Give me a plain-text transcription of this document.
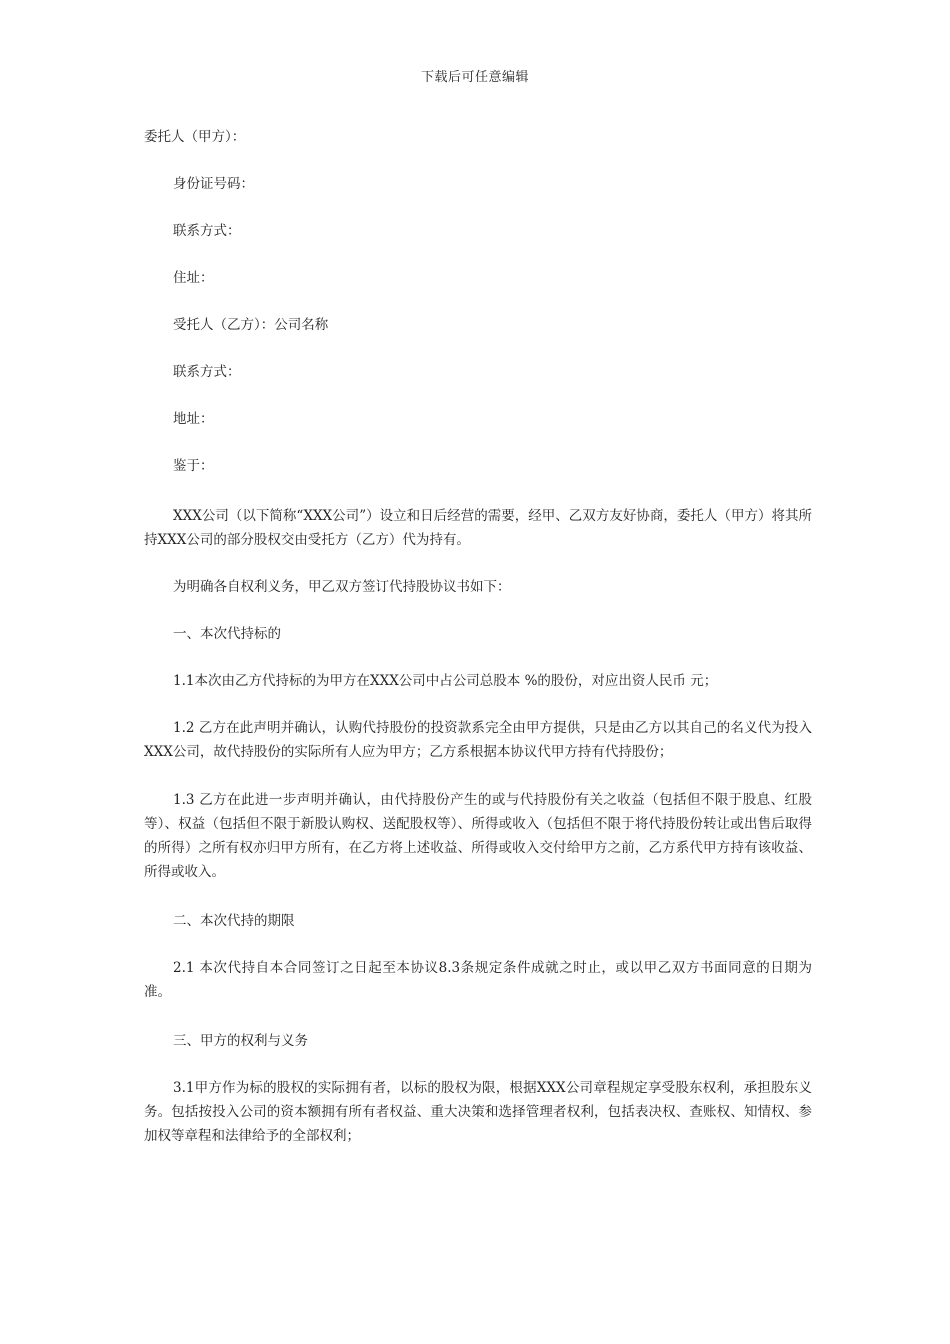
下载后可任意编辑
委托人（甲方）：
身份证号码：
联系方式：
住址：
受托人（乙方）：公司名称
联系方式：
地址：
鉴于：

XXX公司（以下简称“XXX公司”）设立和日后经营的需要，经甲、乙双方友好协商，委托人（甲方）将其所持XXX公司的部分股权交由受托方（乙方）代为持有。

为明确各自权利义务，甲乙双方签订代持股协议书如下：
一、本次代持标的
1.1本次由乙方代持标的为甲方在XXX公司中占公司总股本 %的股份，对应出资人民币 元；

1.2 乙方在此声明并确认，认购代持股份的投资款系完全由甲方提供，只是由乙方以其自己的名义代为投入XXX公司，故代持股份的实际所有人应为甲方；乙方系根据本协议代甲方持有代持股份；

1.3 乙方在此进一步声明并确认，由代持股份产生的或与代持股份有关之收益（包括但不限于股息、红股等）、权益（包括但不限于新股认购权、送配股权等）、所得或收入（包括但不限于将代持股份转让或出售后取得的所得）之所有权亦归甲方所有，在乙方将上述收益、所得或收入交付给甲方之前，乙方系代甲方持有该收益、所得或收入。

二、本次代持的期限

2.1 本次代持自本合同签订之日起至本协议8.3条规定条件成就之时止，或以甲乙双方书面同意的日期为准。

三、甲方的权利与义务

3.1甲方作为标的股权的实际拥有者，以标的股权为限，根据XXX公司章程规定享受股东权利，承担股东义务。包括按投入公司的资本额拥有所有者权益、重大决策和选择管理者权利，包括表决权、查账权、知情权、参加权等章程和法律给予的全部权利；
